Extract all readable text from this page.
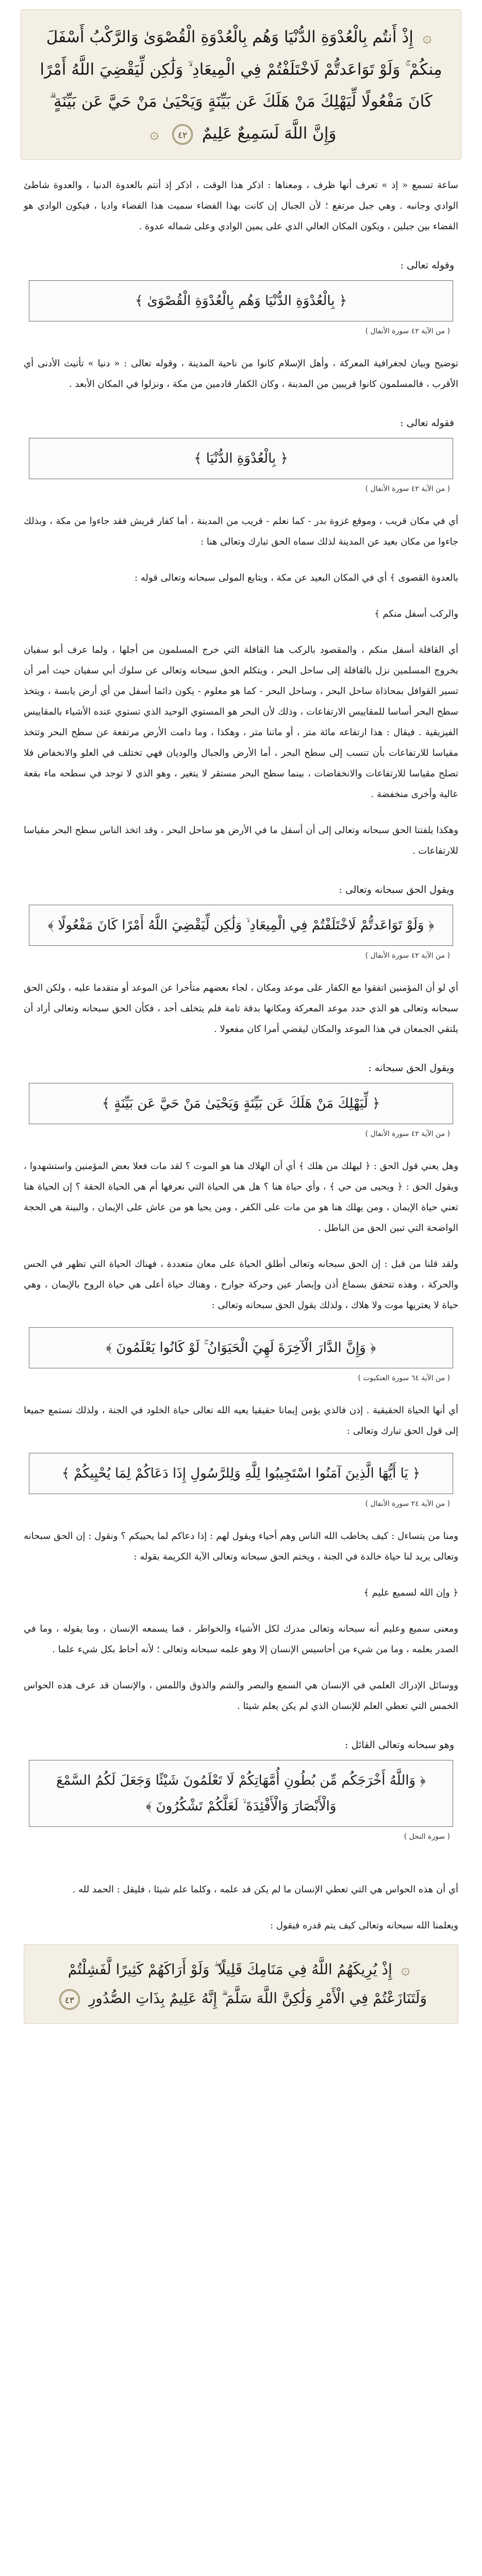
۞ إِذْ أَنتُم بِالْعُدْوَةِ الدُّنْيَا وَهُم بِالْعُدْوَةِ الْقُصْوَىٰ وَالرَّكْبُ أَسْفَلَ مِنكُمْ ۚ وَلَوْ تَوَاعَدتُّمْ لَاخْتَلَفْتُمْ فِي الْمِيعَادِ ۙ وَلَٰكِن لِّيَقْضِيَ اللَّهُ أَمْرًا كَانَ مَفْعُولًا لِّيَهْلِكَ مَنْ هَلَكَ عَن بَيِّنَةٍ وَيَحْيَىٰ مَنْ حَيَّ عَن بَيِّنَةٍ ۗ وَإِنَّ اللَّهَ لَسَمِيعٌ عَلِيمٌ ٤٢ ۞

ساعة تسمع « إذ » تعرف أنها ظرف ، ومعناها : اذكر هذا الوقت ، اذكر إذ أنتم بالعدوة الدنيا ، والعدوة شاطئ الوادي وجانبه . وهي جبل مرتفع ؛ لأن الجبال إن كانت بهذا الفضاء سميت هذا الفضاء واديا ، فيكون الوادي هو الفضاء بين جبلين ، ويكون المكان العالي الذي على يمين الوادي وعلى شماله عدوة .

وقوله تعالى :

﴿ بِالْعُدْوَةِ الدُّنْيَا وَهُم بِالْعُدْوَةِ الْقُصْوَىٰ ﴾

( من الآية ٤٢ سورة الأنفال )

توضيح وبيان لجغرافية المعركة ، وأهل الإسلام كانوا من ناحية المدينة ، وقوله تعالى : « دنيا » تأنيث الأدنى أي الأقرب ، فالمسلمون كانوا قريبين من المدينة ، وكان الكفار قادمين من مكة ، ونزلوا في المكان الأبعد .

فقوله تعالى :

﴿ بِالْعُدْوَةِ الدُّنْيَا ﴾

( من الآية ٤٢ سورة الأنفال )

أي في مكان قريب ، وموقع غزوة بدر - كما نعلم - قريب من المدينة ، أما كفار قريش فقد جاءوا من مكة ، وبذلك جاءوا من مكان بعيد عن المدينة لذلك سماه الحق تبارك وتعالى هنا :

بالعدوة القصوى ﴾ أي في المكان البعيد عن مكة ، ويتابع المولى سبحانه وتعالى قوله :

والركب أسفل منكم ﴾

أي القافلة أسفل منكم ، والمقصود بالركب هنا القافلة التي خرج المسلمون من أجلها ، ولما عرف أبو سفيان بخروج المسلمين نزل بالقافلة إلى ساحل البحر ، ويتكلم الحق سبحانه وتعالى عن سلوك أبي سفيان حيث أمر أن تسير القوافل بمحاذاة ساحل البحر ، وساحل البحر - كما هو معلوم - يكون دائما أسفل من أي أرض يابسة ، ويتخذ سطح البحر أساسا للمقاييس الارتفاعات ، وذلك لأن البحر هو المستوي الوحيد الذي تستوي عنده الأشياء بالمقاييس الفيزيقية . فيقال : هذا ارتفاعه مائة متر ، أو ماتنا متر ، وهكذا ، وما دامت الأرض مرتفعة عن سطح البحر وتتخذ مقياسا للارتفاعات بأن تنسب إلى سطح البحر ، أما الأرض والجبال والوديان فهي تختلف في العلو والانخفاض فلا تصلح مقياسا للارتفاعات والانخفاضات ، بينما سطح البحر مستقر لا يتغير ، وهو الذي لا توجد في سطحه ماء بقعة عالية وأخرى منخفضة .

وهكذا يلفتنا الحق سبحانه وتعالى إلى أن أسفل ما في الأرض هو ساحل البحر ، وقد اتخذ الناس سطح البحر مقياسا للارتفاعات .

ويقول الحق سبحانه وتعالى :

﴿ وَلَوْ تَوَاعَدتُّمْ لَاخْتَلَفْتُمْ فِي الْمِيعَادِ ۙ وَلَٰكِن لِّيَقْضِيَ اللَّهُ أَمْرًا كَانَ مَفْعُولًا ﴾

( من الآية ٤٢ سورة الأنفال )

أي لو أن المؤمنين اتفقوا مع الكفار على موعد ومكان ، لجاء بعضهم متأخرا عن الموعد أو متقدما عليه ، ولكن الحق سبحانه وتعالى هو الذي حدد موعد المعركة ومكانها بدقة تامة فلم يتخلف أحد ، فكأن الحق سبحانه وتعالى أراد أن يلتقي الجمعان في هذا الموعد والمكان ليقضي أمرا كان مفعولا .

ويقول الحق سبحانه :

﴿ لِّيَهْلِكَ مَنْ هَلَكَ عَن بَيِّنَةٍ وَيَحْيَىٰ مَنْ حَيَّ عَن بَيِّنَةٍ ﴾

( من الآية ٤٢ سورة الأنفال )

وهل يعني قول الحق : ﴿ ليهلك من هلك ﴾ أي أن الهلاك هنا هو الموت ؟ لقد مات فعلا بعض المؤمنين واستشهدوا ، ويقول الحق : ﴿ ويحيى من حي ﴾ ، وأي حياة هنا ؟ هل هي الحياة التي نعرفها أم هي الحياة الحقة ؟ إن الحياة هنا تعني حياة الإيمان ، ومن يهلك هنا هو من مات على الكفر ، ومن يحيا هو من عاش على الإيمان ، والبينة هي الحجة الواضحة التي تبين الحق من الباطل .

ولقد قلنا من قبل : إن الحق سبحانه وتعالى أطلق الحياة على معان متعددة ، فهناك الحياة التي تظهر في الحس والحركة ، وهذه تتحقق بسماع أذن وإبصار عين وحركة جوارح ، وهناك حياة أعلى هي حياة الروح بالإيمان ، وهي حياة لا يعتريها موت ولا هلاك ، ولذلك يقول الحق سبحانه وتعالى :

﴿ وَإِنَّ الدَّارَ الْآخِرَةَ لَهِيَ الْحَيَوَانُ ۚ لَوْ كَانُوا يَعْلَمُونَ ﴾

( من الآية ٦٤ سورة العنكبوت )

أي أنها الحياة الحقيقية . إذن فالذي يؤمن إيمانا حقيقيا يعيه الله تعالى حياة الخلود في الجنة ، ولذلك نستمع جميعا إلى قول الحق تبارك وتعالى :

﴿ يَا أَيُّهَا الَّذِينَ آمَنُوا اسْتَجِيبُوا لِلَّهِ وَلِلرَّسُولِ إِذَا دَعَاكُمْ لِمَا يُحْيِيكُمْ ﴾

( من الآية ٢٤ سورة الأنفال )

ومنا من يتساءل : كيف يخاطب الله الناس وهم أحياء ويقول لهم : إذا دعاكم لما يحييكم ؟ ونقول : إن الحق سبحانه وتعالى يريد لنا حياة خالدة في الجنة ، ويختم الحق سبحانه وتعالى الآية الكريمة بقوله :

﴿ وإن الله لسميع عليم ﴾

ومعنى سميع وعليم أنه سبحانه وتعالى مدرك لكل الأشياء والخواطر ، فما يسمعه الإنسان ، وما يقوله ، وما في الصدر بعلمه ، وما من شيء من أحاسيس الإنسان إلا وهو علمه سبحانه وتعالى ؛ لأنه أحاط بكل شيء علما .

ووسائل الإدراك العلمي في الإنسان هي السمع والبصر والشم والذوق واللمس ، والإنسان قد عرف هذه الحواس الخمس التي تعطي العلم للإنسان الذي لم يكن يعلم شيئا .

وهو سبحانه وتعالى القائل :

﴿ وَاللَّهُ أَخْرَجَكُم مِّن بُطُونِ أُمَّهَاتِكُمْ لَا تَعْلَمُونَ شَيْئًا وَجَعَلَ لَكُمُ السَّمْعَ وَالْأَبْصَارَ وَالْأَفْئِدَةَ ۙ لَعَلَّكُمْ تَشْكُرُونَ ﴾

( سورة النحل )

أي أن هذه الحواس هي التي تعطي الإنسان ما لم يكن قد علمه ، وكلما علم شيئا ، فليقل : الحمد لله .

ويعلمنا الله سبحانه وتعالى كيف يتم قدره فيقول :

۞ إِذْ يُرِيكَهُمُ اللَّهُ فِي مَنَامِكَ قَلِيلًا ۖ وَلَوْ أَرَاكَهُمْ كَثِيرًا لَّفَشِلْتُمْ وَلَتَنَازَعْتُمْ فِي الْأَمْرِ وَلَٰكِنَّ اللَّهَ سَلَّمَ ۗ إِنَّهُ عَلِيمٌ بِذَاتِ الصُّدُورِ ٤٣
